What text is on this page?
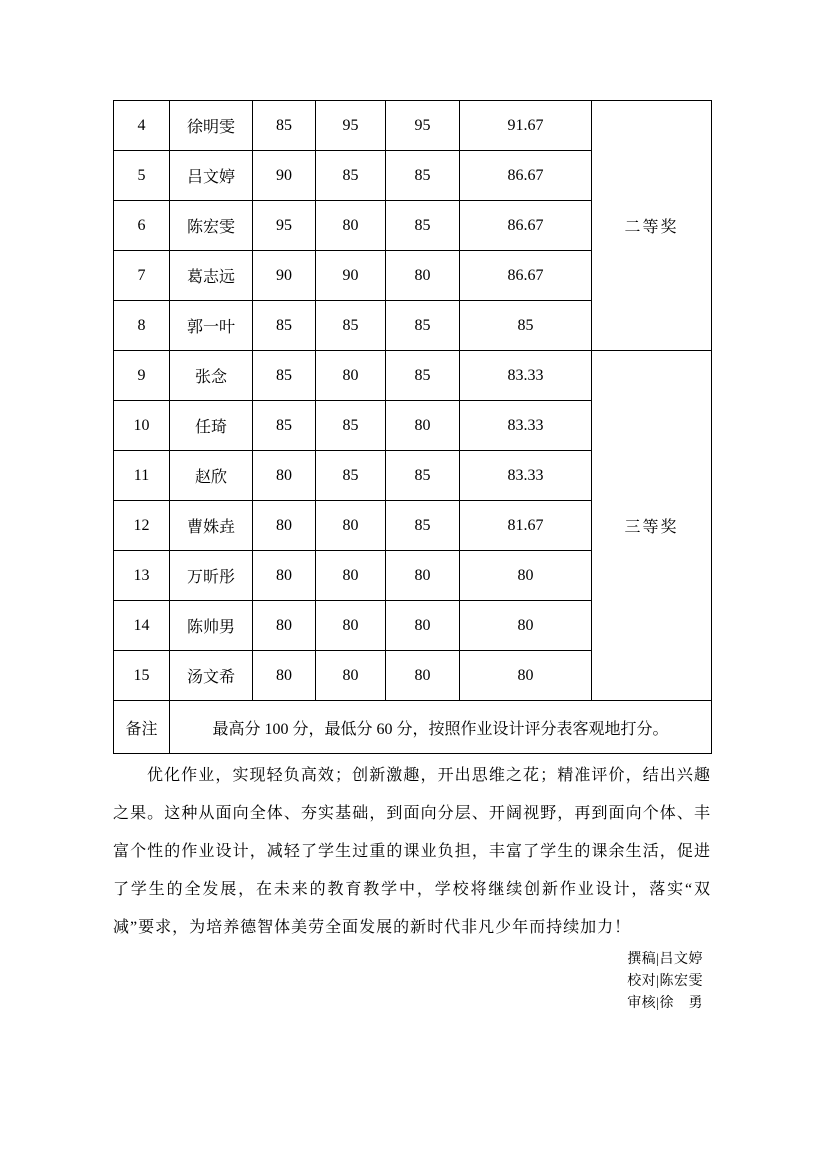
4	徐明雯	85	95	95	91.67	二等奖
5	吕文婷	90	85	85	86.67	
6	陈宏雯	95	80	85	86.67	
7	葛志远	90	90	80	86.67	
8	郭一叶	85	85	85	85	
9	张念	85	80	85	83.33	三等奖
10	任琦	85	85	80	83.33	
11	赵欣	80	85	85	83.33	
12	曹姝垚	80	80	85	81.67	
13	万昕彤	80	80	80	80	
14	陈帅男	80	80	80	80	
15	汤文希	80	80	80	80	
备注	最高分 100 分，最低分 60 分，按照作业设计评分表客观地打分。					

优化作业，实现轻负高效；创新激趣，开出思维之花；精准评价，结出兴趣之果。这种从面向全体、夯实基础，到面向分层、开阔视野，再到面向个体、丰富个性的作业设计，减轻了学生过重的课业负担，丰富了学生的课余生活，促进了学生的全发展，在未来的教育教学中，学校将继续创新作业设计，落实“双减”要求，为培养德智体美劳全面发展的新时代非凡少年而持续加力！

撰稿|吕文婷
校对|陈宏雯
审核|徐　勇
